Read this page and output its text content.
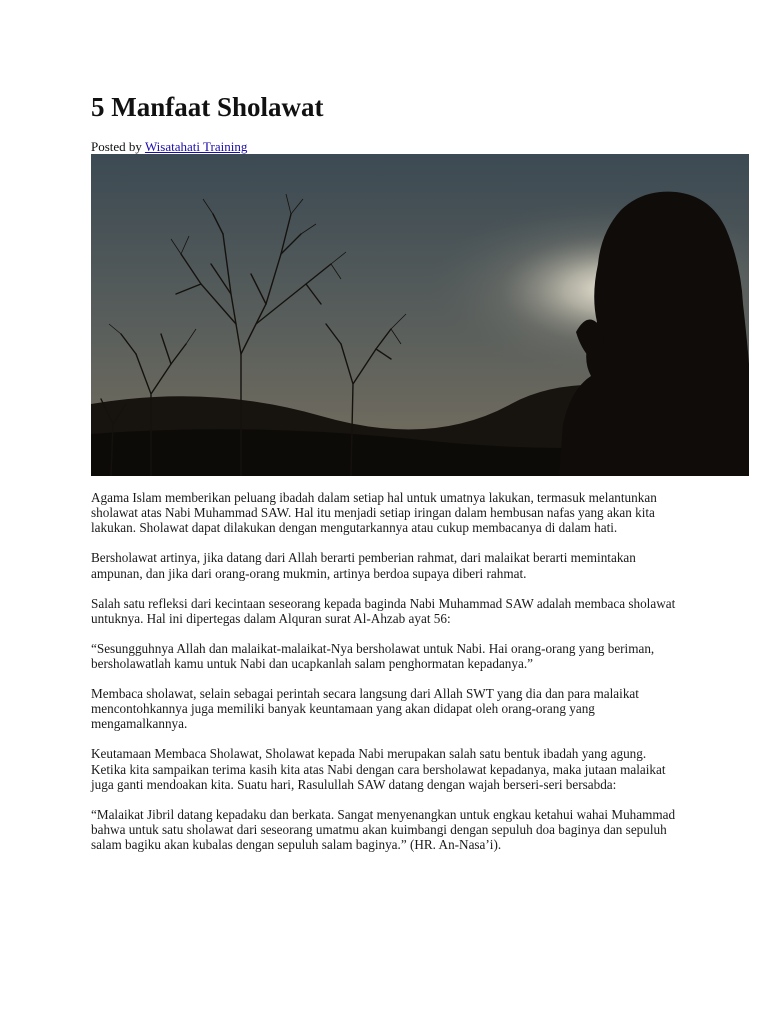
5 Manfaat Sholawat
Posted by Wisatahati Training

Agama Islam memberikan peluang ibadah dalam setiap hal untuk umatnya lakukan, termasuk melantunkan sholawat atas Nabi Muhammad SAW. Hal itu menjadi setiap iringan dalam hembusan nafas yang akan kita lakukan. Sholawat dapat dilakukan dengan mengutarkannya atau cukup membacanya di dalam hati.

Bersholawat artinya, jika datang dari Allah berarti pemberian rahmat, dari malaikat berarti memintakan ampunan, dan jika dari orang-orang mukmin, artinya berdoa supaya diberi rahmat.

Salah satu refleksi dari kecintaan seseorang kepada baginda Nabi Muhammad SAW adalah membaca sholawat untuknya. Hal ini dipertegas dalam Alquran surat Al-Ahzab ayat 56:

“Sesungguhnya Allah dan malaikat-malaikat-Nya bersholawat untuk Nabi. Hai orang-orang yang beriman, bersholawatlah kamu untuk Nabi dan ucapkanlah salam penghormatan kepadanya.”

Membaca sholawat, selain sebagai perintah secara langsung dari Allah SWT yang dia dan para malaikat mencontohkannya juga memiliki banyak keuntamaan yang akan didapat oleh orang-orang yang mengamalkannya.

Keutamaan Membaca Sholawat, Sholawat kepada Nabi merupakan salah satu bentuk ibadah yang agung. Ketika kita sampaikan terima kasih kita atas Nabi dengan cara bersholawat kepadanya, maka jutaan malaikat juga ganti mendoakan kita. Suatu hari, Rasulullah SAW datang dengan wajah berseri-seri bersabda:

“Malaikat Jibril datang kepadaku dan berkata. Sangat menyenangkan untuk engkau ketahui wahai Muhammad bahwa untuk satu sholawat dari seseorang umatmu akan kuimbangi dengan sepuluh doa baginya dan sepuluh salam bagiku akan kubalas dengan sepuluh salam baginya.” (HR. An-Nasa’i).
